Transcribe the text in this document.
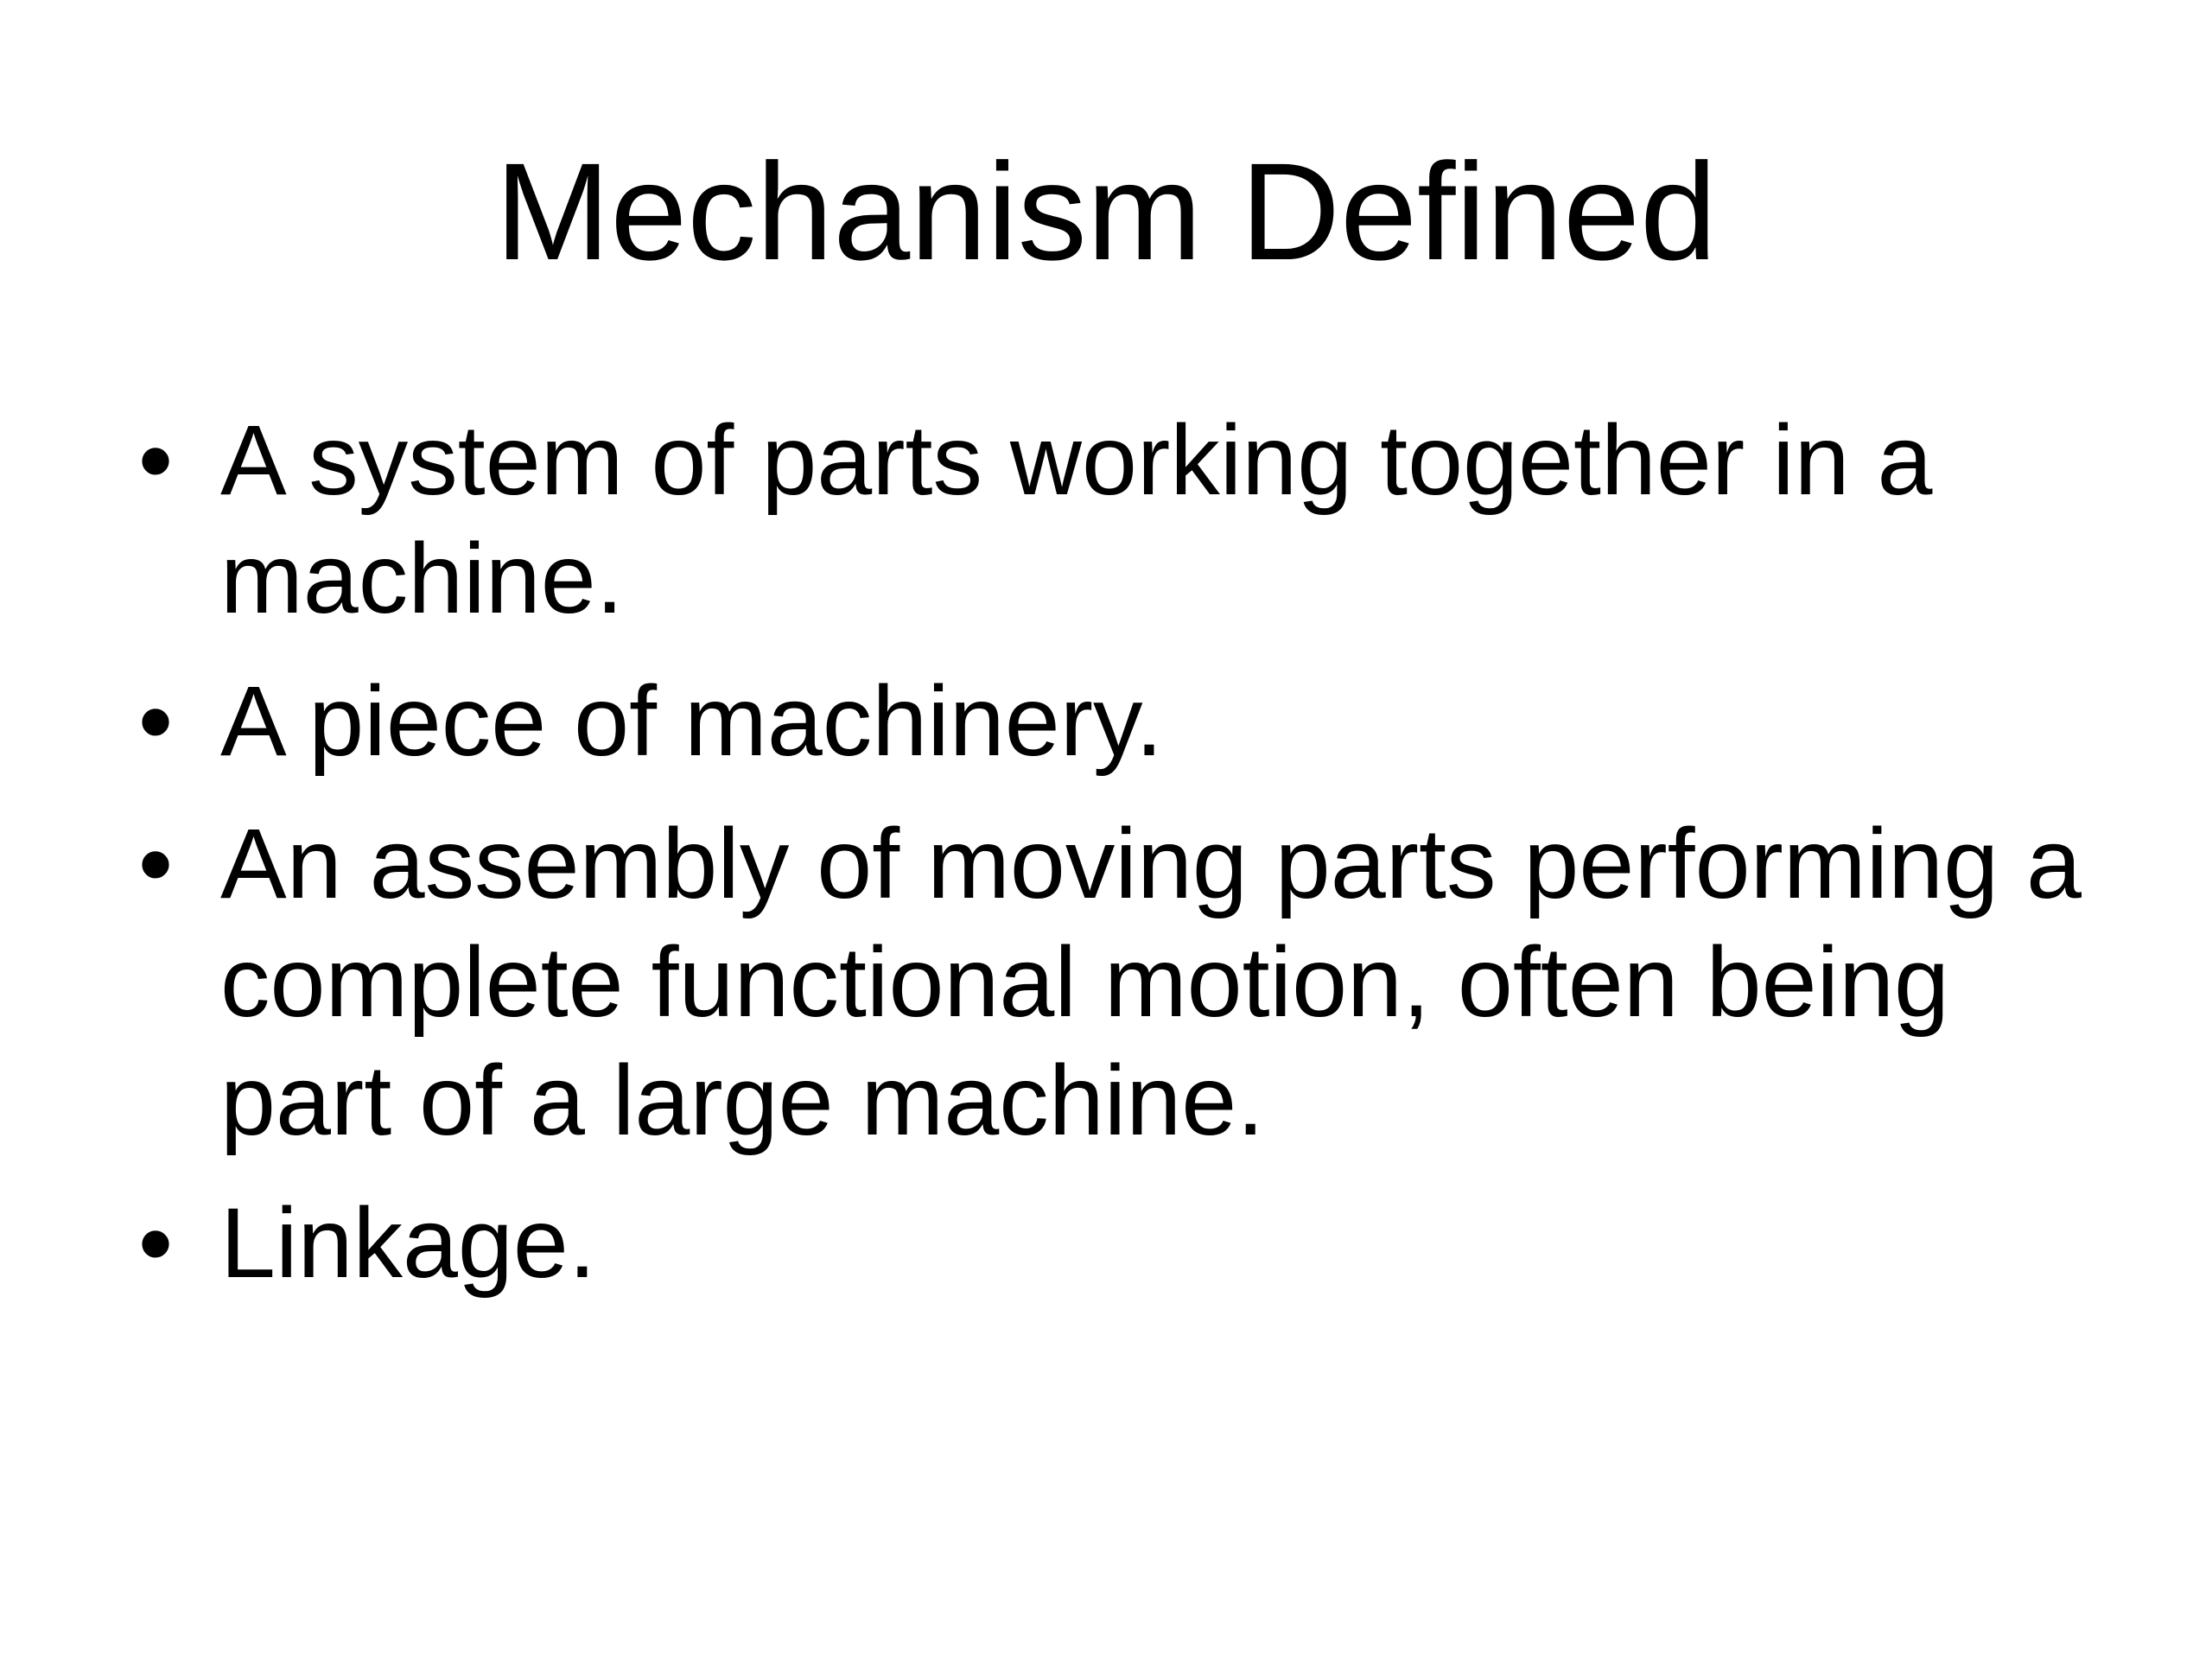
Mechanism Defined
• A system of parts working together in a machine.
• A piece of machinery.
• An assembly of moving parts performing a complete functional motion, often being part of a large machine.
• Linkage.
